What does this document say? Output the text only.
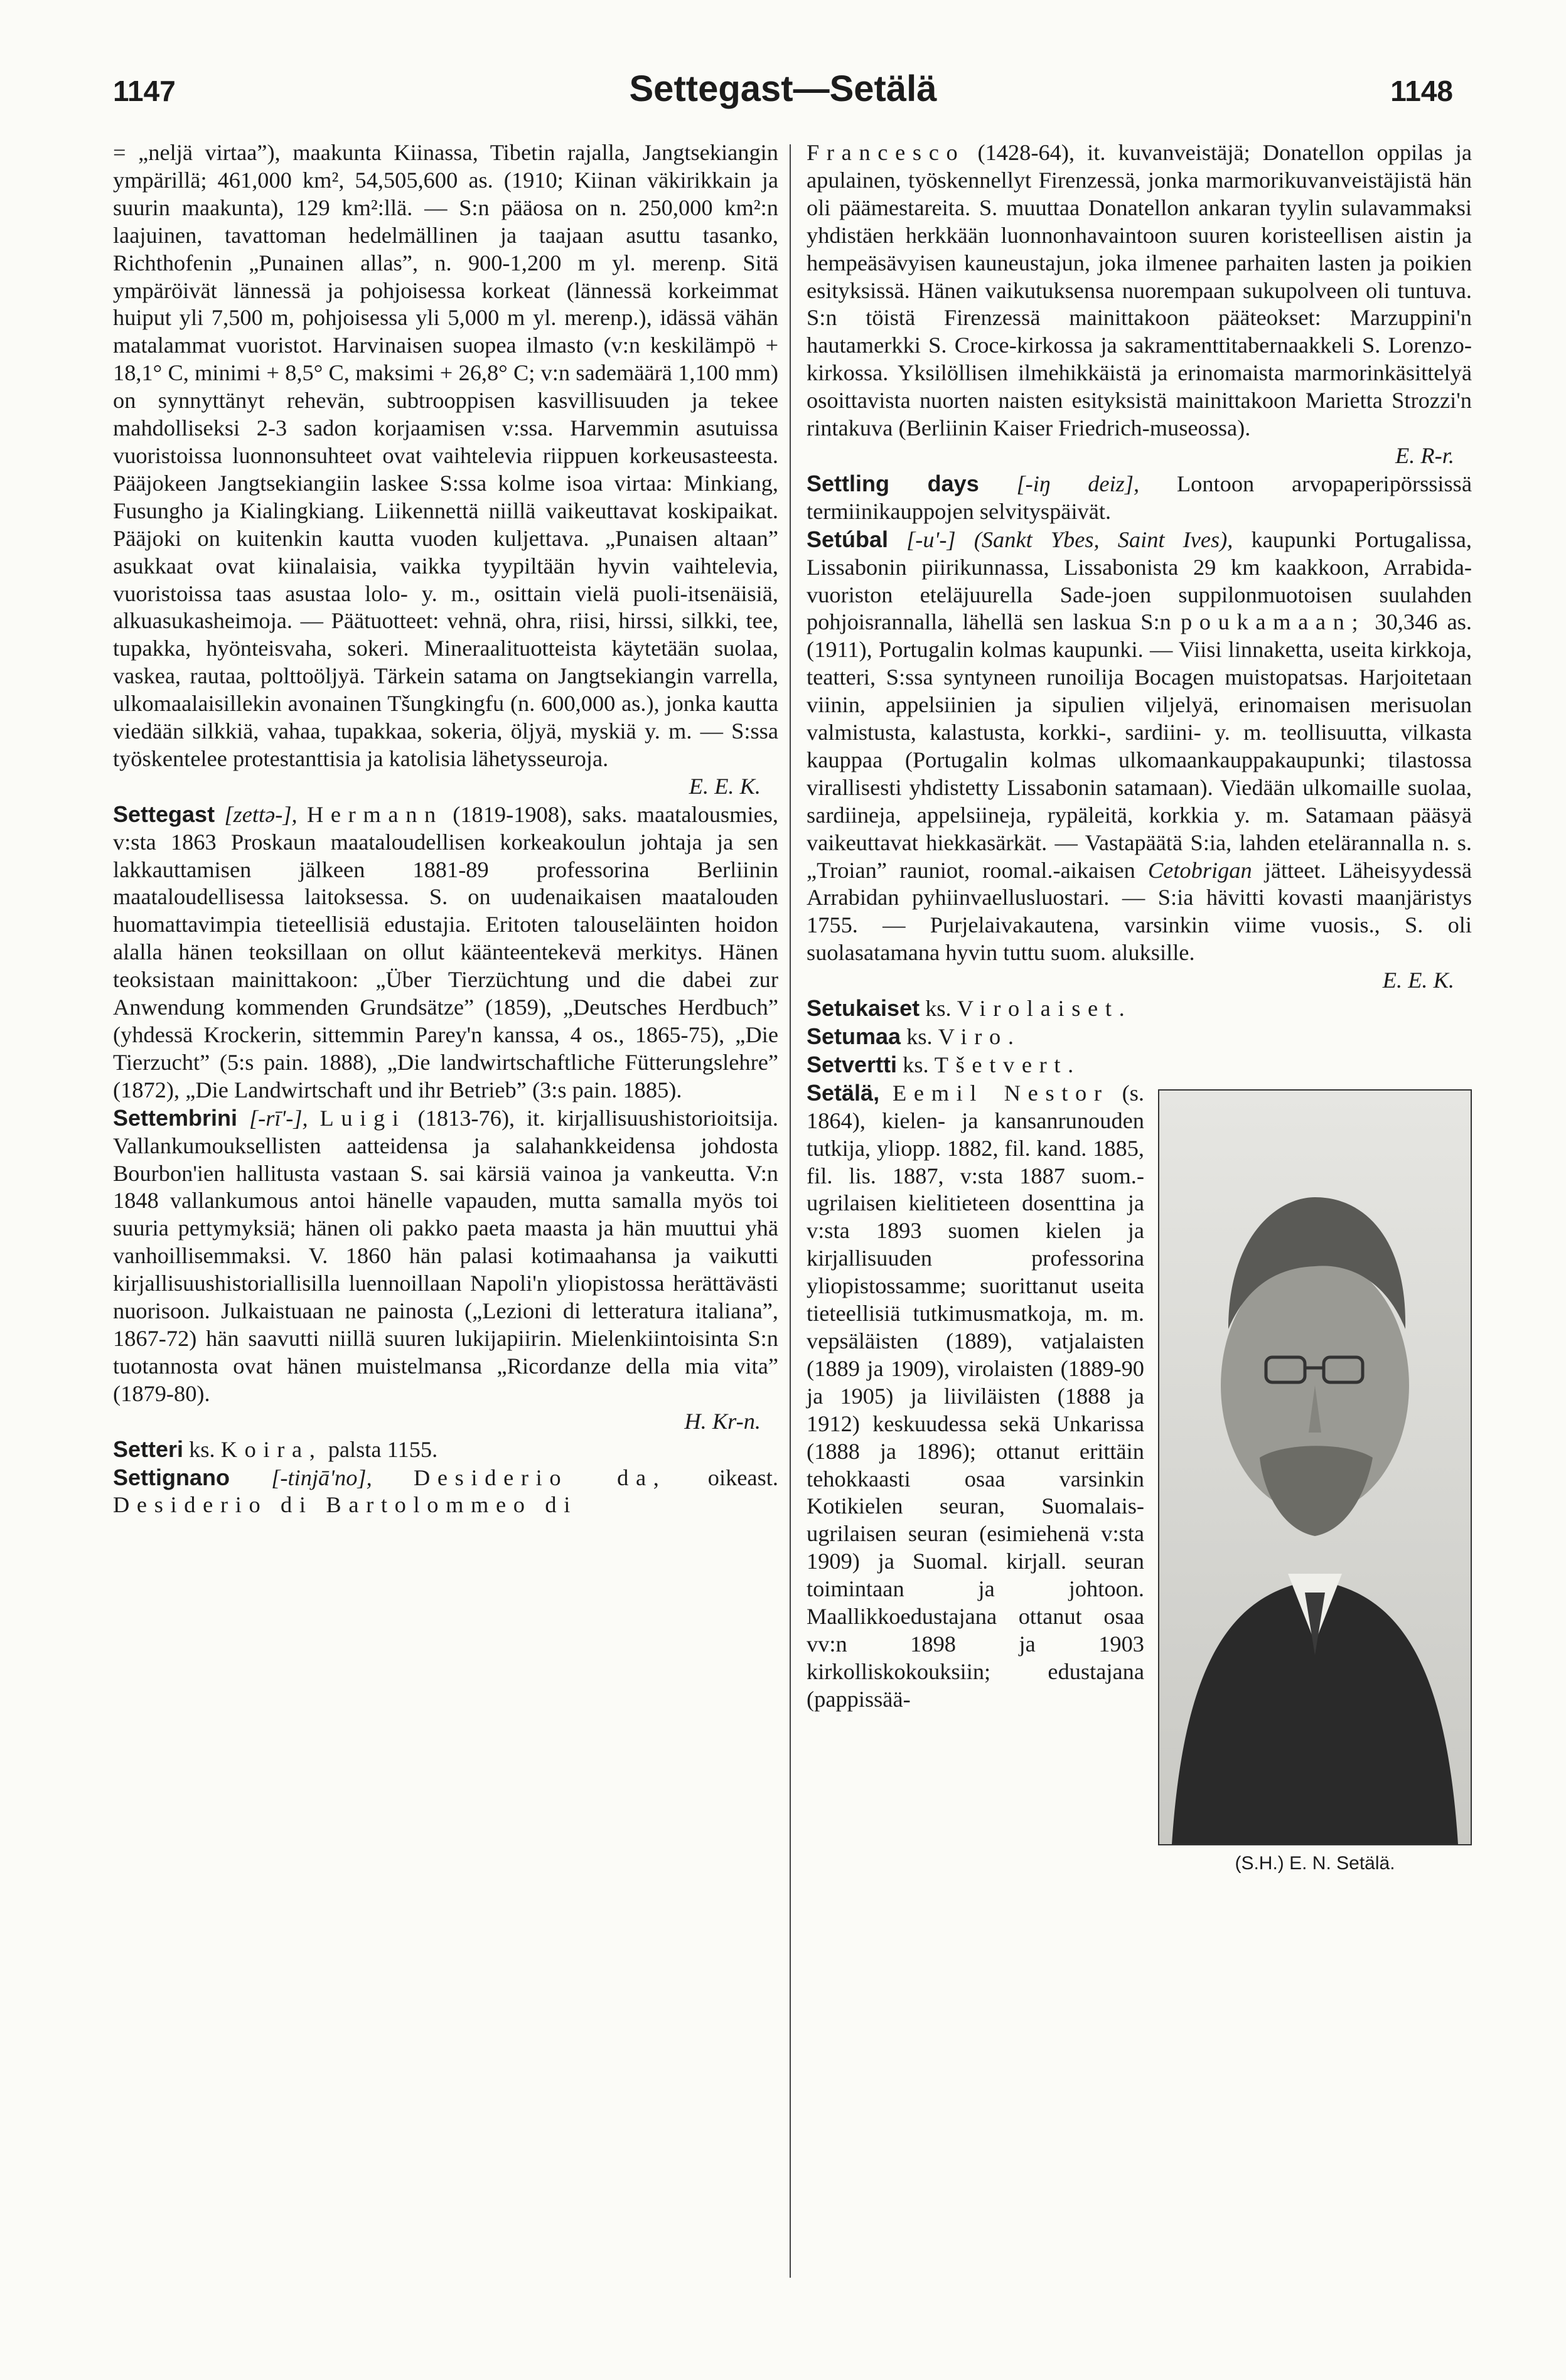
1147	Settegast—Setälä	1148

= „neljä virtaa”), maakunta Kiinassa, Tibetin rajalla, Jangtsekiangin ympärillä; 461,000 km², 54,505,600 as. (1910; Kiinan väkirikkain ja suurin maakunta), 129 km²:llä. — S:n pääosa on n. 250,000 km²:n laajuinen, tavattoman hedelmällinen ja taajaan asuttu tasanko, Richthofenin „Punainen allas”, n. 900-1,200 m yl. merenp. Sitä ympäröivät lännessä ja pohjoisessa korkeat (lännessä korkeimmat huiput yli 7,500 m, pohjoisessa yli 5,000 m yl. merenp.), idässä vähän matalammat vuoristot. Harvinaisen suopea ilmasto (v:n keskilämpö + 18,1° C, minimi + 8,5° C, maksimi + 26,8° C; v:n sademäärä 1,100 mm) on synnyttänyt rehevän, subtrooppisen kasvillisuuden ja tekee mahdolliseksi 2-3 sadon korjaamisen v:ssa. Harvemmin asutuissa vuoristoissa luonnonsuhteet ovat vaihtelevia riippuen korkeusasteesta. Pääjokeen Jangtsekiangiin laskee S:ssa kolme isoa virtaa: Minkiang, Fusungho ja Kialingkiang. Liikennettä niillä vaikeuttavat koskipaikat. Pääjoki on kuitenkin kautta vuoden kuljettava. „Punaisen altaan” asukkaat ovat kiinalaisia, vaikka tyypiltään hyvin vaihtelevia, vuoristoissa taas asustaa lolo- y. m., osittain vielä puoli-itsenäisiä, alkuasukasheimoja. — Päätuotteet: vehnä, ohra, riisi, hirssi, silkki, tee, tupakka, hyönteisvaha, sokeri. Mineraalituotteista käytetään suolaa, vaskea, rautaa, polttoöljyä. Tärkein satama on Jangtsekiangin varrella, ulkomaalaisillekin avonainen Tšungkingfu (n. 600,000 as.), jonka kautta viedään silkkiä, vahaa, tupakkaa, sokeria, öljyä, myskiä y. m. — S:ssa työskentelee protestanttisia ja katolisia lähetysseuroja.

E. E. K.

Settegast [zettə-], Hermann (1819-1908), saks. maatalousmies, v:sta 1863 Proskaun maataloudellisen korkeakoulun johtaja ja sen lakkauttamisen jälkeen 1881-89 professorina Berliinin maataloudellisessa laitoksessa. S. on uudenaikaisen maatalouden huomattavimpia tieteellisiä edustajia. Eritoten talouseläinten hoidon alalla hänen teoksillaan on ollut käänteentekevä merkitys. Hänen teoksistaan mainittakoon: „Über Tierzüchtung und die dabei zur Anwendung kommenden Grundsätze” (1859), „Deutsches Herdbuch” (yhdessä Krockerin, sittemmin Parey'n kanssa, 4 os., 1865-75), „Die Tierzucht” (5:s pain. 1888), „Die landwirtschaftliche Fütterungslehre” (1872), „Die Landwirtschaft und ihr Betrieb” (3:s pain. 1885).

Settembrini [-rī'-], Luigi (1813-76), it. kirjallisuushistorioitsija. Vallankumouksellisten aatteidensa ja salahankkeidensa johdosta Bourbon'ien hallitusta vastaan S. sai kärsiä vainoa ja vankeutta. V:n 1848 vallankumous antoi hänelle vapauden, mutta samalla myös toi suuria pettymyksiä; hänen oli pakko paeta maasta ja hän muuttui yhä vanhoillisemmaksi. V. 1860 hän palasi kotimaahansa ja vaikutti kirjallisuushistoriallisilla luennoillaan Napoli'n yliopistossa herättävästi nuorisoon. Julkaistuaan ne painosta („Lezioni di letteratura italiana”, 1867-72) hän saavutti niillä suuren lukijapiirin. Mielenkiintoisinta S:n tuotannosta ovat hänen muistelmansa „Ricordanze della mia vita” (1879-80).

H. Kr-n.

Setteri ks. Koira, palsta 1155.

Settignano [-tinjā'no], Desiderio da, oikeast. Desiderio di Bartolommeo di

Francesco (1428-64), it. kuvanveistäjä; Donatellon oppilas ja apulainen, työskennellyt Firenzessä, jonka marmorikuvanveistäjistä hän oli päämestareita. S. muuttaa Donatellon ankaran tyylin sulavammaksi yhdistäen herkkään luonnonhavaintoon suuren koristeellisen aistin ja hempeäsävyisen kauneustajun, joka ilmenee parhaiten lasten ja poikien esityksissä. Hänen vaikutuksensa nuorempaan sukupolveen oli tuntuva. S:n töistä Firenzessä mainittakoon pääteokset: Marzuppini'n hautamerkki S. Croce-kirkossa ja sakramenttitabernaakkeli S. Lorenzo-kirkossa. Yksilöllisen ilmehikkäistä ja erinomaista marmorinkäsittelyä osoittavista nuorten naisten esityksistä mainittakoon Marietta Strozzi'n rintakuva (Berliinin Kaiser Friedrich-museossa).

E. R-r.

Settling days [-iŋ deiz], Lontoon arvopaperipörssissä termiinikauppojen selvityspäivät.

Setúbal [-u'-] (Sankt Ybes, Saint Ives), kaupunki Portugalissa, Lissabonin piirikunnassa, Lissabonista 29 km kaakkoon, Arrabida-vuoriston eteläjuurella Sade-joen suppilonmuotoisen suulahden pohjoisrannalla, lähellä sen laskua S:n poukamaan; 30,346 as. (1911), Portugalin kolmas kaupunki. — Viisi linnaketta, useita kirkkoja, teatteri, S:ssa syntyneen runoilija Bocagen muistopatsas. Harjoitetaan viinin, appelsiinien ja sipulien viljelyä, erinomaisen merisuolan valmistusta, kalastusta, korkki-, sardiini- y. m. teollisuutta, vilkasta kauppaa (Portugalin kolmas ulkomaankauppakaupunki; tilastossa virallisesti yhdistetty Lissabonin satamaan). Viedään ulkomaille suolaa, sardiineja, appelsiineja, rypäleitä, korkkia y. m. Satamaan pääsyä vaikeuttavat hiekkasärkät. — Vastapäätä S:ia, lahden etelärannalla n. s. „Troian” rauniot, roomal.-aikaisen Cetobrigan jätteet. Läheisyydessä Arrabidan pyhiinvaellusluostari. — S:ia hävitti kovasti maanjäristys 1755. — Purjelaivakautena, varsinkin viime vuosis., S. oli suolasatamana hyvin tuttu suom. aluksille.

E. E. K.

Setukaiset ks. Virolaiset.

Setumaa ks. Viro.

Setvertti ks. Tšetvert.

(S.H.) E. N. Setälä.

Setälä, Eemil Nestor (s. 1864), kielen- ja kansanrunouden tutkija, yliopp. 1882, fil. kand. 1885, fil. lis. 1887, v:sta 1887 suom.-ugrilaisen kielitieteen dosenttina ja v:sta 1893 suomen kielen ja kirjallisuuden professorina yliopistossamme; suorittanut useita tieteellisiä tutkimusmatkoja, m. m. vepsäläisten (1889), vatjalaisten (1889 ja 1909), virolaisten (1889-90 ja 1905) ja liiviläisten (1888 ja 1912) keskuudessa sekä Unkarissa (1888 ja 1896); ottanut erittäin tehokkaasti osaa varsinkin Kotikielen seuran, Suomalais-ugrilaisen seuran (esimiehenä v:sta 1909) ja Suomal. kirjall. seuran toimintaan ja johtoon. Maallikkoedustajana ottanut osaa vv:n 1898 ja 1903 kirkolliskokouksiin; edustajana (pappissää-
